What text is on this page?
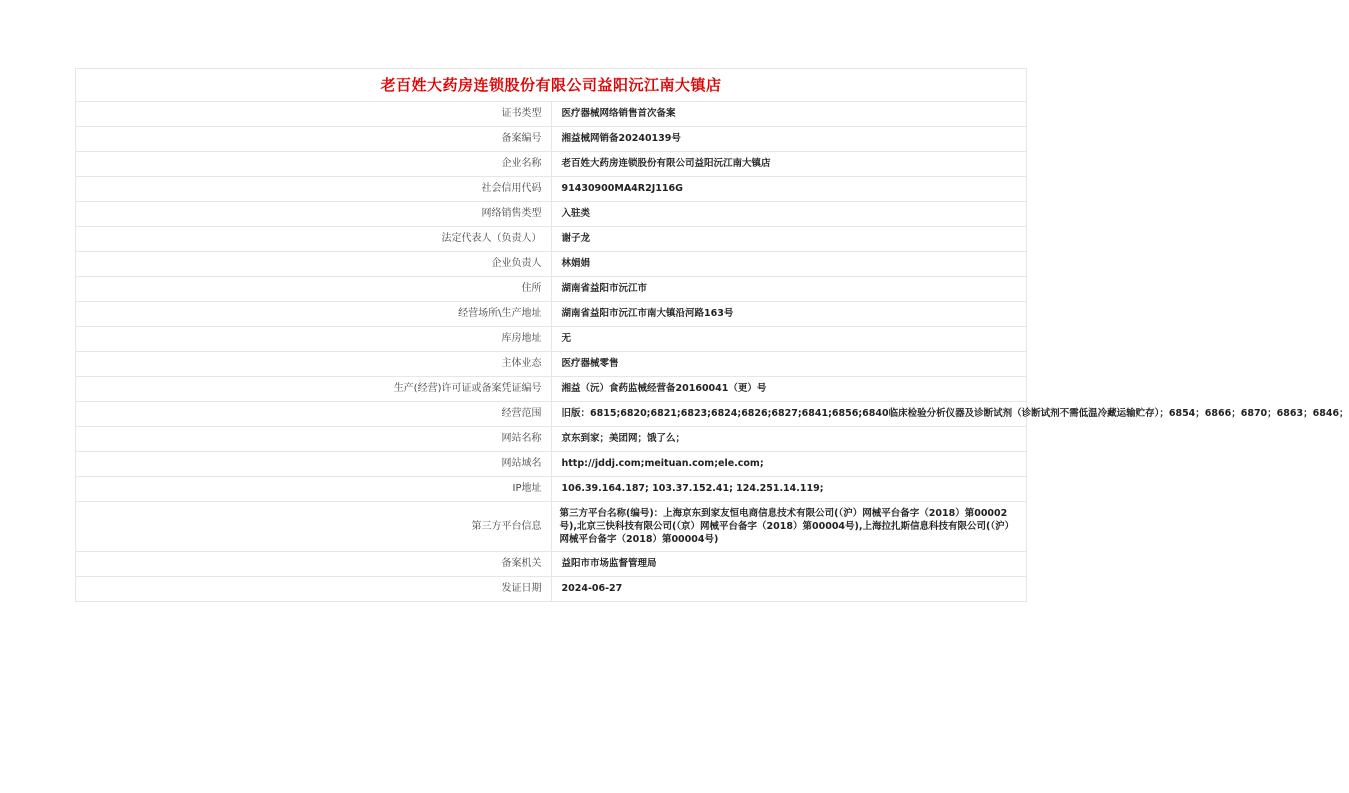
老百姓大药房连锁股份有限公司益阳沅江南大镇店	
证书类型	医疗器械网络销售首次备案
备案编号	湘益械网销备20240139号
企业名称	老百姓大药房连锁股份有限公司益阳沅江南大镇店
社会信用代码	91430900MA4R2J116G
网络销售类型	入驻类
法定代表人（负责人）	谢子龙
企业负责人	林娟娟
住所	湖南省益阳市沅江市
经营场所\生产地址	湖南省益阳市沅江市南大镇沿河路163号
库房地址	无
主体业态	医疗器械零售
生产(经营)许可证或备案凭证编号	湘益（沅）食药监械经营备20160041（更）号
经营范围	旧版：6815;6820;6821;6823;6824;6826;6827;6841;6856;6840临床检验分析仪器及诊断试剂（诊断试剂不需低温冷藏运输贮存）；6854；6866；6870；6863；6846；
网站名称	京东到家；美团网；饿了么；
网站域名	http://jddj.com;meituan.com;ele.com;
IP地址	106.39.164.187; 103.37.152.41; 124.251.14.119;
第三方平台信息	第三方平台名称(编号)：上海京东到家友恒电商信息技术有限公司(（沪）网械平台备字（2018）第00002号),北京三快科技有限公司(（京）网械平台备字（2018）第00004号),上海拉扎斯信息科技有限公司(（沪）网械平台备字（2018）第00004号)
备案机关	益阳市市场监督管理局
发证日期	2024-06-27
